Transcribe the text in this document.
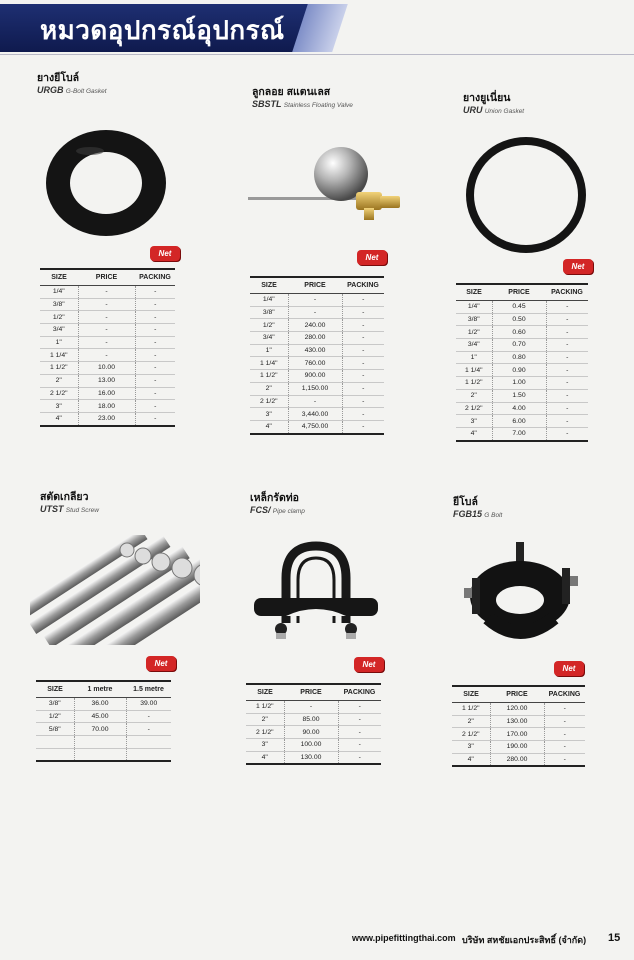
หมวดอุปกรณ์อุปกรณ์
ยางยีโบล์
URGB G-Bolt Gasket
Net
SIZE	PRICE	PACKING
1/4"	-	-
3/8"	-	-
1/2"	-	-
3/4"	-	-
1"	-	-
1 1/4"	-	-
1 1/2"	10.00	-
2"	13.00	-
2 1/2"	16.00	-
3"	18.00	-
4"	23.00	-
ลูกลอย สแตนเลส
SBSTL Stainless Floating Valve
Net
SIZE	PRICE	PACKING
1/4"	-	-
3/8"	-	-
1/2"	240.00	-
3/4"	280.00	-
1"	430.00	-
1 1/4"	760.00	-
1 1/2"	900.00	-
2"	1,150.00	-
2 1/2"	-	-
3"	3,440.00	-
4"	4,750.00	-
ยางยูเนี่ยน
URU Union Gasket
Net
SIZE	PRICE	PACKING
1/4"	0.45	-
3/8"	0.50	-
1/2"	0.60	-
3/4"	0.70	-
1"	0.80	-
1 1/4"	0.90	-
1 1/2"	1.00	-
2"	1.50	-
2 1/2"	4.00	-
3"	6.00	-
4"	7.00	-
สตัดเกลียว
UTST Stud Screw
Net
SIZE	1 metre	1.5 metre
3/8"	36.00	39.00
1/2"	45.00	-
5/8"	70.00	-

เหล็กรัดท่อ
FCS/ Pipe clamp
Net
SIZE	PRICE	PACKING
1 1/2"	-	-
2"	85.00	-
2 1/2"	90.00	-
3"	100.00	-
4"	130.00	-
ยีโบล์
FGB15 G Bolt
Net
SIZE	PRICE	PACKING
1 1/2"	120.00	-
2"	130.00	-
2 1/2"	170.00	-
3"	190.00	-
4"	280.00	-
www.pipefittingthai.com บริษัท สหชัยเอกประสิทธิ์ (จำกัด) 15
